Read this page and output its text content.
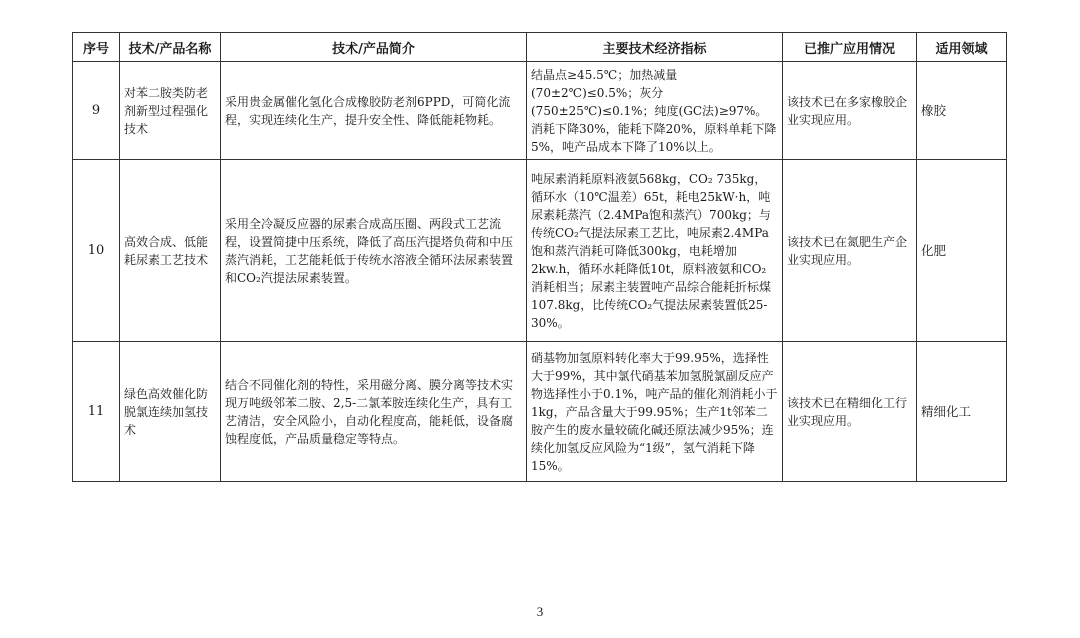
序号	技术/产品名称	技术/产品简介	主要技术经济指标	已推广应用情况	适用领域
9	对苯二胺类防老剂新型过程强化技术	采用贵金属催化氢化合成橡胶防老剂6PPD，可简化流程，实现连续化生产，提升安全性、降低能耗物耗。	结晶点≥45.5℃；加热减量(70±2℃)≤0.5%；灰分(750±25℃)≤0.1%；纯度(GC法)≥97%。消耗下降30%，能耗下降20%，原料单耗下降5%，吨产品成本下降了10%以上。	该技术已在多家橡胶企业实现应用。	橡胶
10	高效合成、低能耗尿素工艺技术	采用全冷凝反应器的尿素合成高压圈、两段式工艺流程，设置简捷中压系统，降低了高压汽提塔负荷和中压蒸汽消耗，工艺能耗低于传统水溶液全循环法尿素装置和CO₂汽提法尿素装置。	吨尿素消耗原料液氨568kg，CO₂ 735kg，循环水（10℃温差）65t，耗电25kW·h，吨尿素耗蒸汽（2.4MPa饱和蒸汽）700kg；与传统CO₂气提法尿素工艺比，吨尿素2.4MPa饱和蒸汽消耗可降低300kg，电耗增加2kw.h，循环水耗降低10t，原料液氨和CO₂消耗相当；尿素主装置吨产品综合能耗折标煤107.8kg，比传统CO₂气提法尿素装置低25-30%。	该技术已在氮肥生产企业实现应用。	化肥
11	绿色高效催化防脱氯连续加氢技术	结合不同催化剂的特性，采用磁分离、膜分离等技术实现万吨级邻苯二胺、2,5-二氯苯胺连续化生产，具有工艺清洁，安全风险小，自动化程度高，能耗低，设备腐蚀程度低，产品质量稳定等特点。	硝基物加氢原料转化率大于99.95%，选择性大于99%，其中氯代硝基苯加氢脱氯副反应产物选择性小于0.1%，吨产品的催化剂消耗小于1kg，产品含量大于99.95%；生产1t邻苯二胺产生的废水量较硫化碱还原法减少95%；连续化加氢反应风险为“1级”，氢气消耗下降15%。	该技术已在精细化工行业实现应用。	精细化工
3
